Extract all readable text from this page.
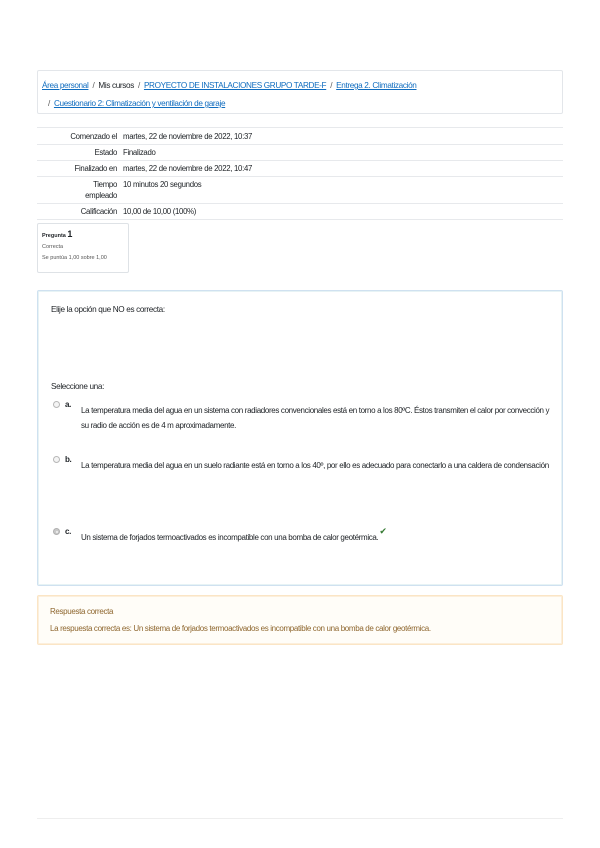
Área personal / Mis cursos / PROYECTO DE INSTALACIONES GRUPO TARDE-F / Entrega 2. Climatización
/ Cuestionario 2: Climatización y ventilación de garaje
Comenzado el	martes, 22 de noviembre de 2022, 10:37
Estado	Finalizado
Finalizado en	martes, 22 de noviembre de 2022, 10:47
Tiempo empleado	10 minutos 20 segundos
Calificación	10,00 de 10,00 (100%)
Pregunta 1
Correcta
Se puntúa 1,00 sobre 1,00
Elije la opción que NO es correcta:
Seleccione una:
a.
La temperatura media del agua en un sistema con radiadores convencionales está en torno a los 80ºC. Éstos transmiten el calor por convección y su radio de acción es de 4 m aproximadamente.
b.
La temperatura media del agua en un suelo radiante está en torno a los 40º, por ello es adecuado para conectarlo a una caldera de condensación
c.
Un sistema de forjados termoactivados es incompatible con una bomba de calor geotérmica.✔
Respuesta correcta
La respuesta correcta es: Un sistema de forjados termoactivados es incompatible con una bomba de calor geotérmica.
